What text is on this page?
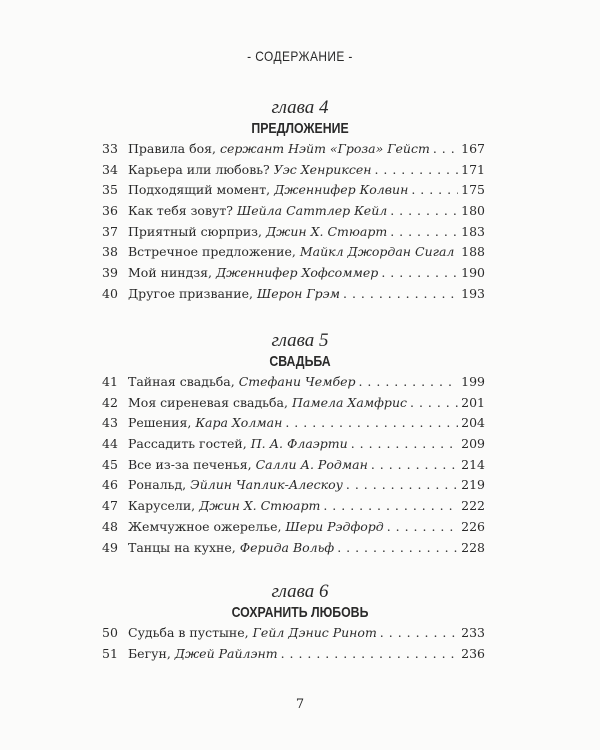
- СОДЕРЖАНИЕ -
глава 4
ПРЕДЛОЖЕНИЕ
33 Правила боя, сержант Нэйт «Гроза» Гейст . . .	167
34 Карьера или любовь? Уэс Хенриксен . . .	171
35 Подходящий момент, Дженнифер Колвин . . .	175
36 Как тебя зовут? Шейла Саттлер Кейл . . .	180
37 Приятный сюрприз, Джин Х. Стюарт . . .	183
38 Встречное предложение, Майкл Джордан Сигал . . . 188
39 Мой ниндзя, Дженнифер Хофсоммер . . .	190
40 Другое призвание, Шерон Грэм . . .	193
глава 5
СВАДЬБА
41 Тайная свадьба, Стефани Чембер . . .	199
42 Моя сиреневая свадьба, Памела Хамфрис . . .	201
43 Решения, Кара Холман . . .	204
44 Рассадить гостей, П. А. Флаэрти . . .	209
45 Все из-за печенья, Салли А. Родман . . .	214
46 Рональд, Эйлин Чаплик-Алескоу . . .	219
47 Карусели, Джин Х. Стюарт . . .	222
48 Жемчужное ожерелье, Шери Рэдфорд . . .	226
49 Танцы на кухне, Ферида Вольф . . .	228
глава 6
СОХРАНИТЬ ЛЮБОВЬ
50 Судьба в пустыне, Гейл Дэнис Ринот . . .	233
51 Бегун, Джей Райлэнт . . .	236
7
